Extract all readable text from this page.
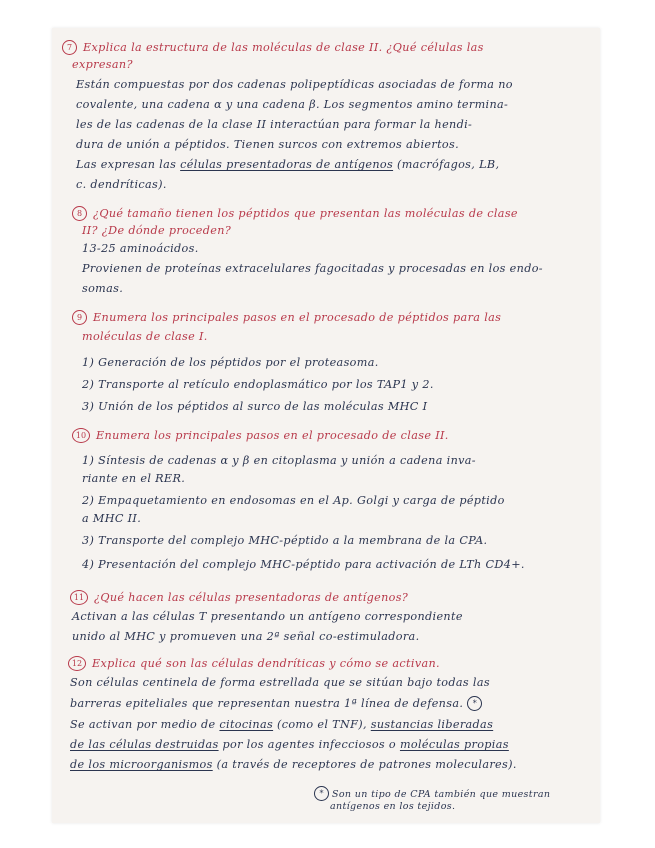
7 Explica la estructura de las moléculas de clase II. ¿Qué células las
expresan?
Están compuestas por dos cadenas polipeptídicas asociadas de forma no
covalente, una cadena α y una cadena β. Los segmentos amino termina-
les de las cadenas de la clase II interactúan para formar la hendi-
dura de unión a péptidos. Tienen surcos con extremos abiertos.
Las expresan las células presentadoras de antígenos (macrófagos, LB,
c. dendríticas).
8 ¿Qué tamaño tienen los péptidos que presentan las moléculas de clase
II? ¿De dónde proceden?
13-25 aminoácidos.
Provienen de proteínas extracelulares fagocitadas y procesadas en los endo-
somas.
9 Enumera los principales pasos en el procesado de péptidos para las
moléculas de clase I.
1) Generación de los péptidos por el proteasoma.
2) Transporte al retículo endoplasmático por los TAP1 y 2.
3) Unión de los péptidos al surco de las moléculas MHC I
10 Enumera los principales pasos en el procesado de clase II.
1) Síntesis de cadenas α y β en citoplasma y unión a cadena inva-
riante en el RER.
2) Empaquetamiento en endosomas en el Ap. Golgi y carga de péptido
a MHC II.
3) Transporte del complejo MHC-péptido a la membrana de la CPA.
4) Presentación del complejo MHC-péptido para activación de LTh CD4+.
11 ¿Qué hacen las células presentadoras de antígenos?
Activan a las células T presentando un antígeno correspondiente
unido al MHC y promueven una 2ª señal co-estimuladora.
12 Explica qué son las células dendríticas y cómo se activan.
Son células centinela de forma estrellada que se sitúan bajo todas las
barreras epiteliales que representan nuestra 1ª línea de defensa. *
Se activan por medio de citocinas (como el TNF), sustancias liberadas
de las células destruidas por los agentes infecciosos o moléculas propias
de los microorganismos (a través de receptores de patrones moleculares).
* Son un tipo de CPA también que muestran
antígenos en los tejidos.
